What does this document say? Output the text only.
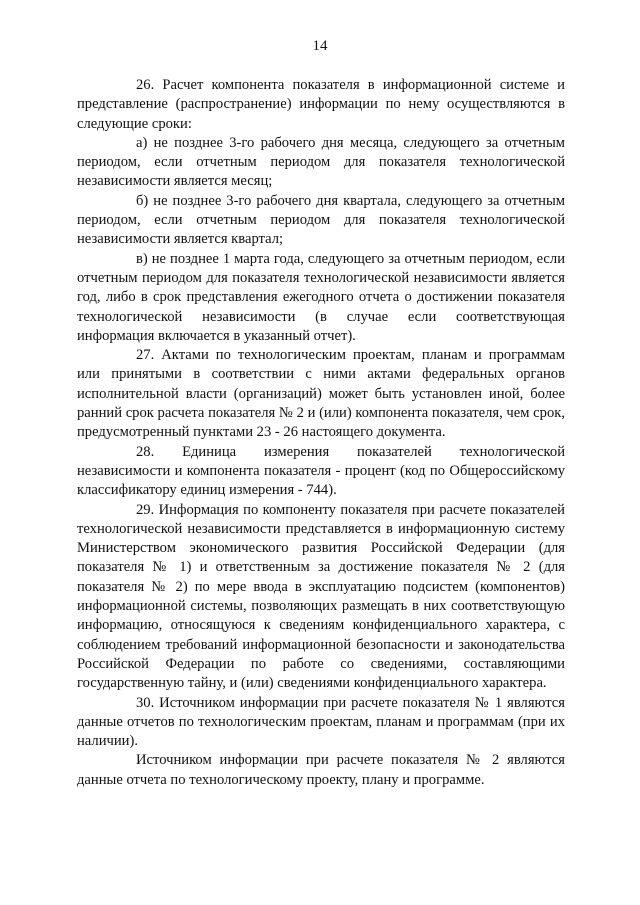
14

26. Расчет компонента показателя в информационной системе и представление (распространение) информации по нему осуществляются в следующие сроки:

а) не позднее 3-го рабочего дня месяца, следующего за отчетным периодом, если отчетным периодом для показателя технологической независимости является месяц;

б) не позднее 3-го рабочего дня квартала, следующего за отчетным периодом, если отчетным периодом для показателя технологической независимости является квартал;

в) не позднее 1 марта года, следующего за отчетным периодом, если отчетным периодом для показателя технологической независимости является год, либо в срок представления ежегодного отчета о достижении показателя технологической независимости (в случае если соответствующая информация включается в указанный отчет).

27. Актами по технологическим проектам, планам и программам или принятыми в соответствии с ними актами федеральных органов исполнительной власти (организаций) может быть установлен иной, более ранний срок расчета показателя № 2 и (или) компонента показателя, чем срок, предусмотренный пунктами 23 - 26 настоящего документа.

28. Единица измерения показателей технологической независимости и компонента показателя - процент (код по Общероссийскому классификатору единиц измерения - 744).

29. Информация по компоненту показателя при расчете показателей технологической независимости представляется в информационную систему Министерством экономического развития Российской Федерации (для показателя № 1) и ответственным за достижение показателя № 2 (для показателя № 2) по мере ввода в эксплуатацию подсистем (компонентов) информационной системы, позволяющих размещать в них соответствующую информацию, относящуюся к сведениям конфиденциального характера, с соблюдением требований информационной безопасности и законодательства Российской Федерации по работе со сведениями, составляющими государственную тайну, и (или) сведениями конфиденциального характера.

30. Источником информации при расчете показателя № 1 являются данные отчетов по технологическим проектам, планам и программам (при их наличии).

Источником информации при расчете показателя № 2 являются данные отчета по технологическому проекту, плану и программе.
